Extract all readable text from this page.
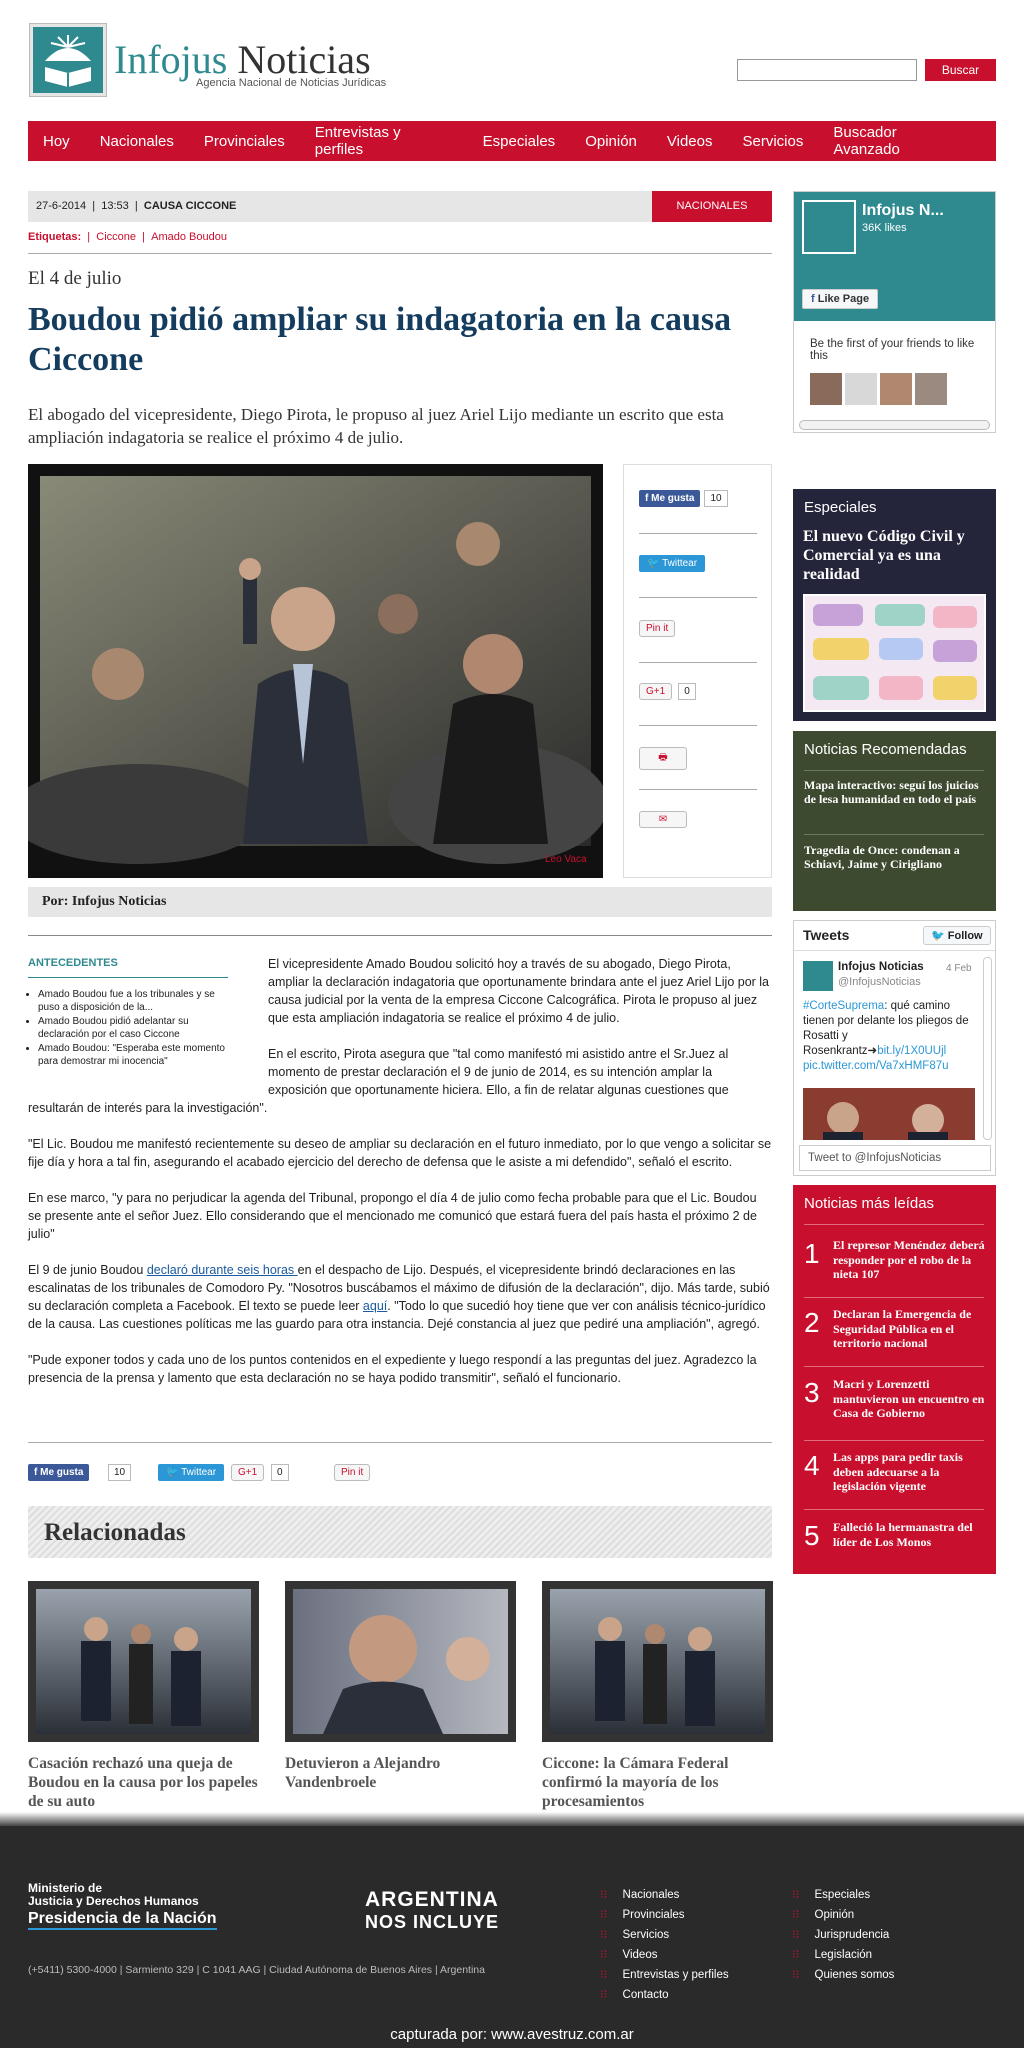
Infojus Noticias
Agencia Nacional de Noticias Jurídicas
Buscar
Hoy Nacionales Provinciales Entrevistas y perfiles	Especiales Opinión Videos Servicios Buscador Avanzado
27-6-2014  |  13:53  |  CAUSA CICCONE	NACIONALES
Etiquetas:  |  Ciccone  |  Amado Boudou
El 4 de julio
Boudou pidió ampliar su indagatoria en la causa Ciccone
El abogado del vicepresidente, Diego Pirota, le propuso al juez Ariel Lijo mediante un escrito que esta ampliación indagatoria se realice el próximo 4 de julio.
Leo Vaca
f Me gusta	10
🐦 Twittear
Pin it
G+1	0
🖶
✉
Por: Infojus Noticias
ANTECEDENTES
• Amado Boudou fue a los tribunales y se puso a disposición de la...
• Amado Boudou pidió adelantar su declaración por el caso Ciccone
• Amado Boudou: "Esperaba este momento para demostrar mi inocencia"

El vicepresidente Amado Boudou solicitó hoy a través de su abogado, Diego Pirota, ampliar la declaración indagatoria que oportunamente brindara ante el juez Ariel Lijo por la causa judicial por la venta de la empresa Ciccone Calcográfica. Pirota le propuso al juez que esta ampliación indagatoria se realice el próximo 4 de julio.

En el escrito, Pirota asegura que "tal como manifestó mi asistido antre el Sr.Juez al momento de prestar declaración el 9 de junio de 2014, es su intención amplar la exposición que oportunamente hiciera. Ello, a fin de relatar algunas cuestiones que

resultarán de interés para la investigación".

"El Lic. Boudou me manifestó recientemente su deseo de ampliar su declaración en el futuro inmediato, por lo que vengo a solicitar se fije día y hora a tal fin, asegurando el acabado ejercicio del derecho de defensa que le asiste a mi defendido", señaló el escrito.

En ese marco, "y para no perjudicar la agenda del Tribunal, propongo el día 4 de julio como fecha probable para que el Lic. Boudou se presente ante el señor Juez. Ello considerando que el mencionado me comunicó que estará fuera del país hasta el próximo 2 de julio"

El 9 de junio Boudou declaró durante seis horas en el despacho de Lijo. Después, el vicepresidente brindó declaraciones en las escalinatas de los tribunales de Comodoro Py. "Nosotros buscábamos el máximo de difusión de la declaración", dijo. Más tarde, subió su declaración completa a Facebook. El texto se puede leer aquí. "Todo lo que sucedió hoy tiene que ver con análisis técnico-jurídico de la causa. Las cuestiones políticas me las guardo para otra instancia. Dejé constancia al juez que pediré una ampliación", agregó.

"Pude exponer todos y cada uno de los puntos contenidos en el expediente y luego respondí a las preguntas del juez. Agradezco la presencia de la prensa y lamento que esta declaración no se haya podido transmitir", señaló el funcionario.

f Me gusta	10	🐦 Twittear	G+1	0	Pin it
Relacionadas
Casación rechazó una queja de Boudou en la causa por los papeles de su auto
Detuvieron a Alejandro Vandenbroele
Ciccone: la Cámara Federal confirmó la mayoría de los procesamientos
Infojus N...
36K likes
f Like Page
Be the first of your friends to like this
Especiales
El nuevo Código Civil y Comercial ya es una realidad
Noticias Recomendadas
Mapa interactivo: seguí los juicios de lesa humanidad en todo el país
Tragedia de Once: condenan a Schiavi, Jaime y Cirigliano
Tweets	🐦 Follow
Infojus Noticias
@InfojusNoticias
4 Feb
#CorteSuprema: qué camino tienen por delante los pliegos de Rosatti y Rosenkrantz➜bit.ly/1X0UUjl pic.twitter.com/Va7xHMF87u
Tweet to @InfojusNoticias
Noticias más leídas
1 El represor Menéndez deberá responder por el robo de la nieta 107
2 Declaran la Emergencia de Seguridad Pública en el territorio nacional
3 Macri y Lorenzetti mantuvieron un encuentro en Casa de Gobierno
4 Las apps para pedir taxis deben adecuarse a la legislación vigente
5 Falleció la hermanastra del líder de Los Monos
Ministerio de
Justicia y Derechos Humanos
Presidencia de la Nación
ARGENTINA
NOS INCLUYE
(+5411) 5300-4000 | Sarmiento 329 | C 1041 AAG | Ciudad Autónoma de Buenos Aires | Argentina
⁝⁝ Nacionales
⁝⁝ Provinciales
⁝⁝ Servicios
⁝⁝ Videos
⁝⁝ Entrevistas y perfiles
⁝⁝ Contacto
⁝⁝ Especiales
⁝⁝ Opinión
⁝⁝ Jurisprudencia
⁝⁝ Legislación
⁝⁝ Quienes somos
capturada por: www.avestruz.com.ar
